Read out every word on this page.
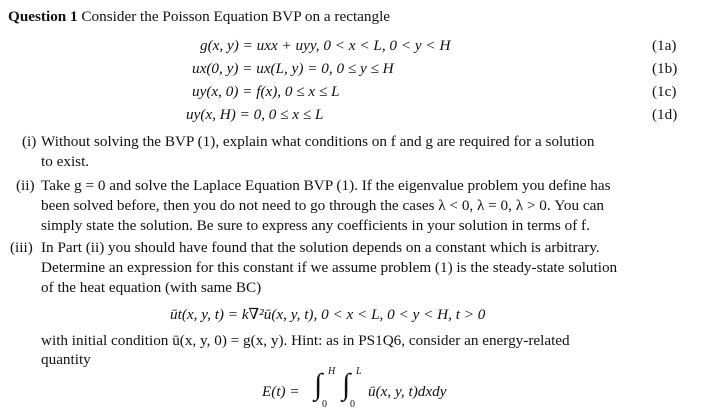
Question 1 Consider the Poisson Equation BVP on a rectangle
g(x, y) = uxx + uyy, 0 < x < L, 0 < y < H	(1a)
ux(0, y) = ux(L, y) = 0, 0 ≤ y ≤ H	(1b)
uy(x, 0) = f(x), 0 ≤ x ≤ L	(1c)
uy(x, H) = 0, 0 ≤ x ≤ L	(1d)
(i) Without solving the BVP (1), explain what conditions on f and g are required for a solution
to exist.
(ii) Take g = 0 and solve the Laplace Equation BVP (1). If the eigenvalue problem you define has
been solved before, then you do not need to go through the cases λ < 0, λ = 0, λ > 0. You can
simply state the solution. Be sure to express any coefficients in your solution in terms of f.
(iii) In Part (ii) you should have found that the solution depends on a constant which is arbitrary.
Determine an expression for this constant if we assume problem (1) is the steady-state solution
of the heat equation (with same BC)
ūt(x, y, t) = k∇²ū(x, y, t), 0 < x < L, 0 < y < H, t > 0
with initial condition ū(x, y, 0) = g(x, y). Hint: as in PS1Q6, consider an energy-related
quantity
E(t) = ∫ H
0
∫ L
0
ū(x, y, t)dxdy
